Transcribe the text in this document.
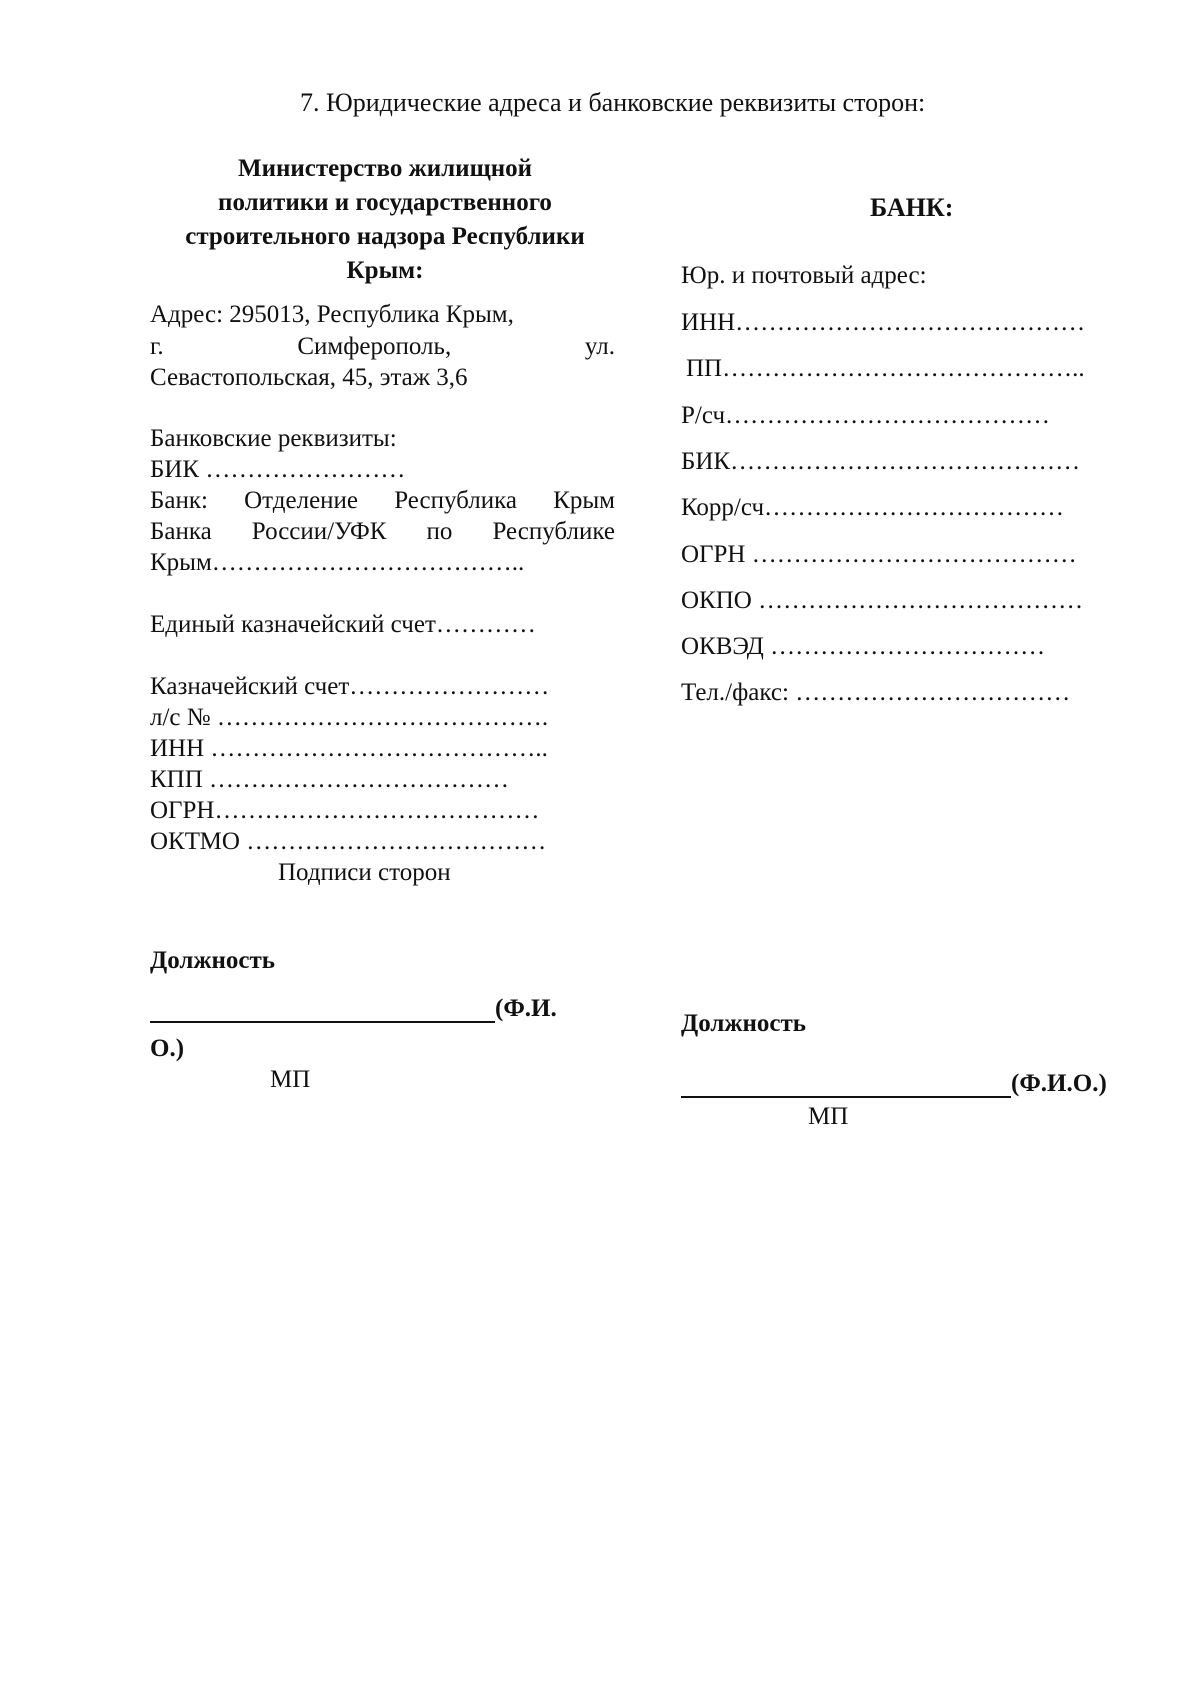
7. Юридические адреса и банковские реквизиты сторон:
Министерство жилищной
политики и государственного
строительного надзора Республики
Крым:
Адрес: 295013, Республика Крым,
г.	Симферополь,	ул.
Севастопольская, 45, этаж 3,6
Банковские реквизиты:
БИК ……………………
Банк: Отделение Республика Крым
Банка России/УФК по Республике
Крым………………………………..
Единый казначейский счет…………
Казначейский счет……………………
л/с № ………………………………….
ИНН …………………………………..
КПП ………………………………
ОГРН…………………………………
ОКТМО ………………………………
Подписи сторон
Должность
(Ф.И.
О.)
МП
БАНК:
Юр. и почтовый адрес:
ИНН……………………………………
ПП……………………………………..
Р/сч…………………………………
БИК……………………………………
Корр/сч………………………………
ОГРН …………………………………
ОКПО …………………………………
ОКВЭД ……………………………
Тел./факс: ……………………………
Должность
(Ф.И.О.)
МП
